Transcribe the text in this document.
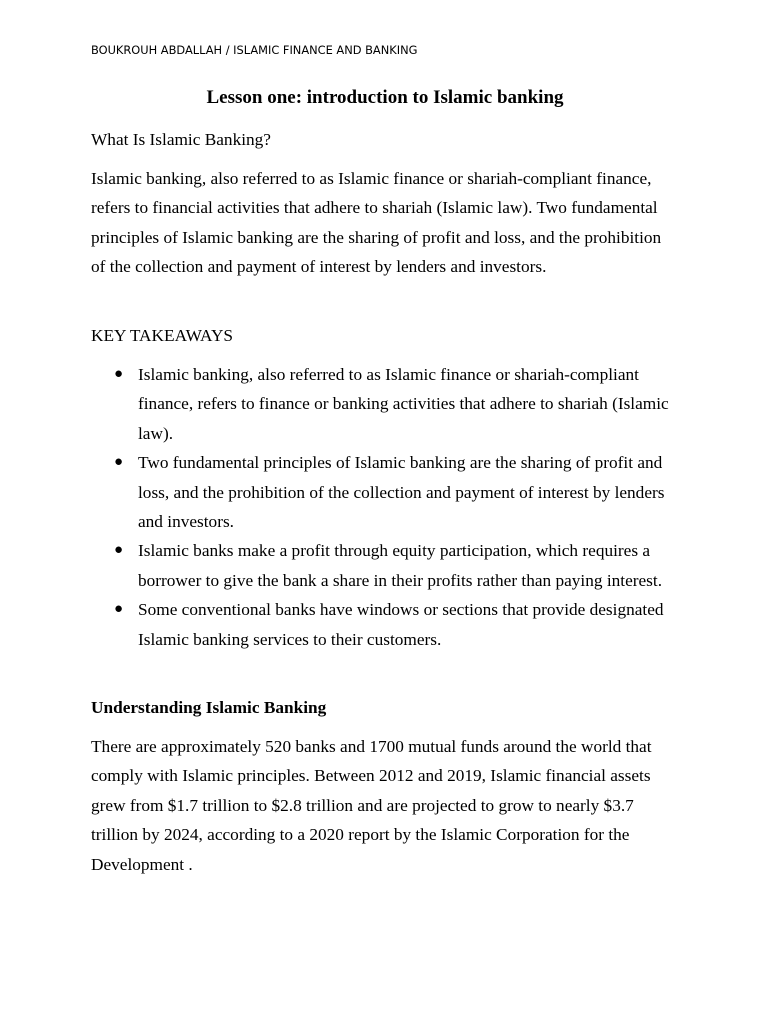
BOUKROUH ABDALLAH / ISLAMIC FINANCE AND BANKING
Lesson one: introduction to Islamic banking

What Is Islamic Banking?

Islamic banking, also referred to as Islamic finance or shariah-compliant finance, refers to financial activities that adhere to shariah (Islamic law). Two fundamental principles of Islamic banking are the sharing of profit and loss, and the prohibition of the collection and payment of interest by lenders and investors.

KEY TAKEAWAYS

● Islamic banking, also referred to as Islamic finance or shariah-compliant finance, refers to finance or banking activities that adhere to shariah (Islamic law).
● Two fundamental principles of Islamic banking are the sharing of profit and loss, and the prohibition of the collection and payment of interest by lenders and investors.
● Islamic banks make a profit through equity participation, which requires a borrower to give the bank a share in their profits rather than paying interest.
● Some conventional banks have windows or sections that provide designated Islamic banking services to their customers.

Understanding Islamic Banking

There are approximately 520 banks and 1700 mutual funds around the world that comply with Islamic principles. Between 2012 and 2019, Islamic financial assets grew from $1.7 trillion to $2.8 trillion and are projected to grow to nearly $3.7 trillion by 2024, according to a 2020 report by the Islamic Corporation for the Development .
